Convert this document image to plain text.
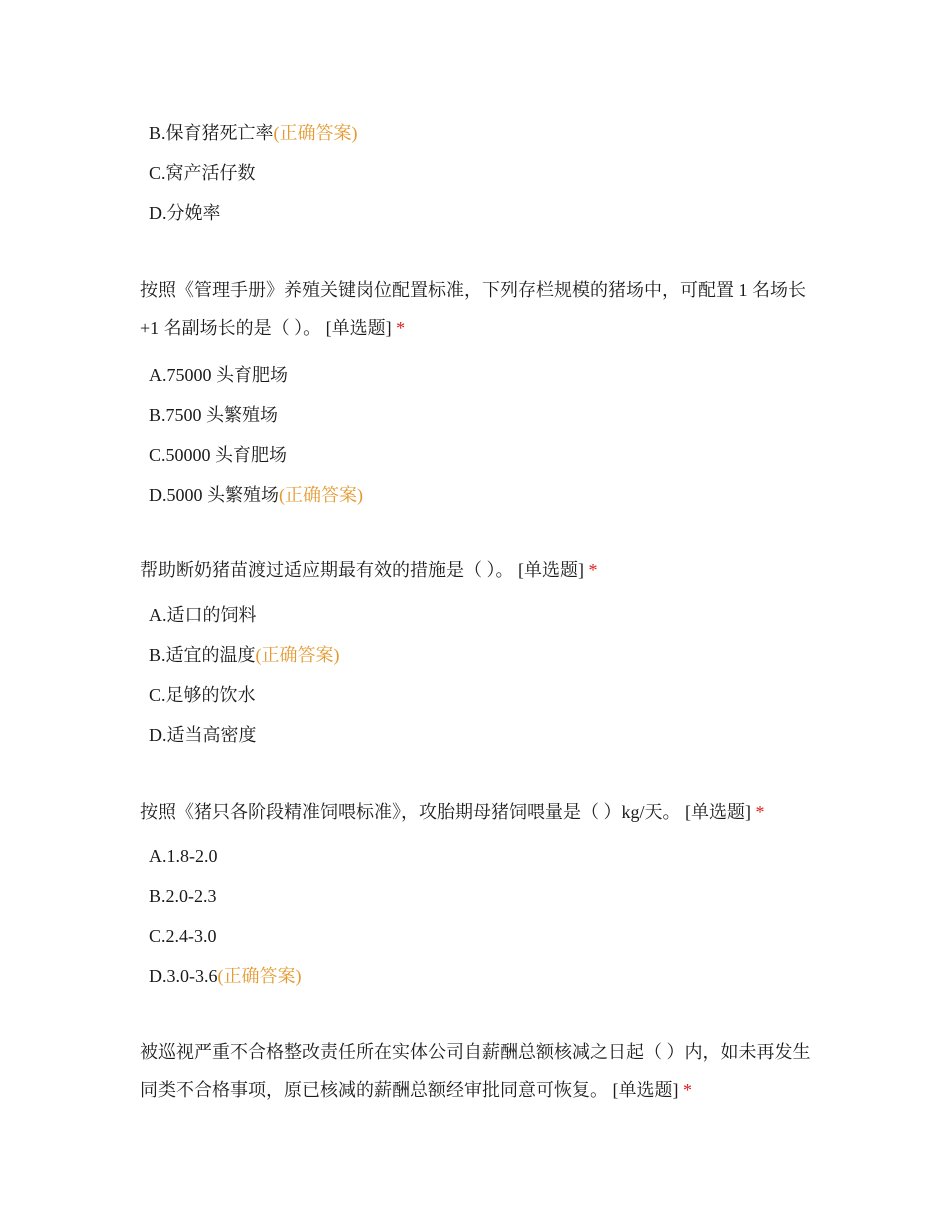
B.保育猪死亡率(正确答案)
C.窝产活仔数
D.分娩率

按照《管理手册》养殖关键岗位配置标准，下列存栏规模的猪场中，可配置 1 名场长+1 名副场长的是（ ）。 [单选题] *

A.75000 头育肥场
B.7500 头繁殖场
C.50000 头育肥场
D.5000 头繁殖场(正确答案)

帮助断奶猪苗渡过适应期最有效的措施是（ ）。 [单选题] *

A.适口的饲料
B.适宜的温度(正确答案)
C.足够的饮水
D.适当高密度

按照《猪只各阶段精准饲喂标准》，攻胎期母猪饲喂量是（ ）kg/天。 [单选题] *

A.1.8-2.0
B.2.0-2.3
C.2.4-3.0
D.3.0-3.6(正确答案)

被巡视严重不合格整改责任所在实体公司自薪酬总额核减之日起（ ）内，如未再发生同类不合格事项，原已核减的薪酬总额经审批同意可恢复。 [单选题] *
